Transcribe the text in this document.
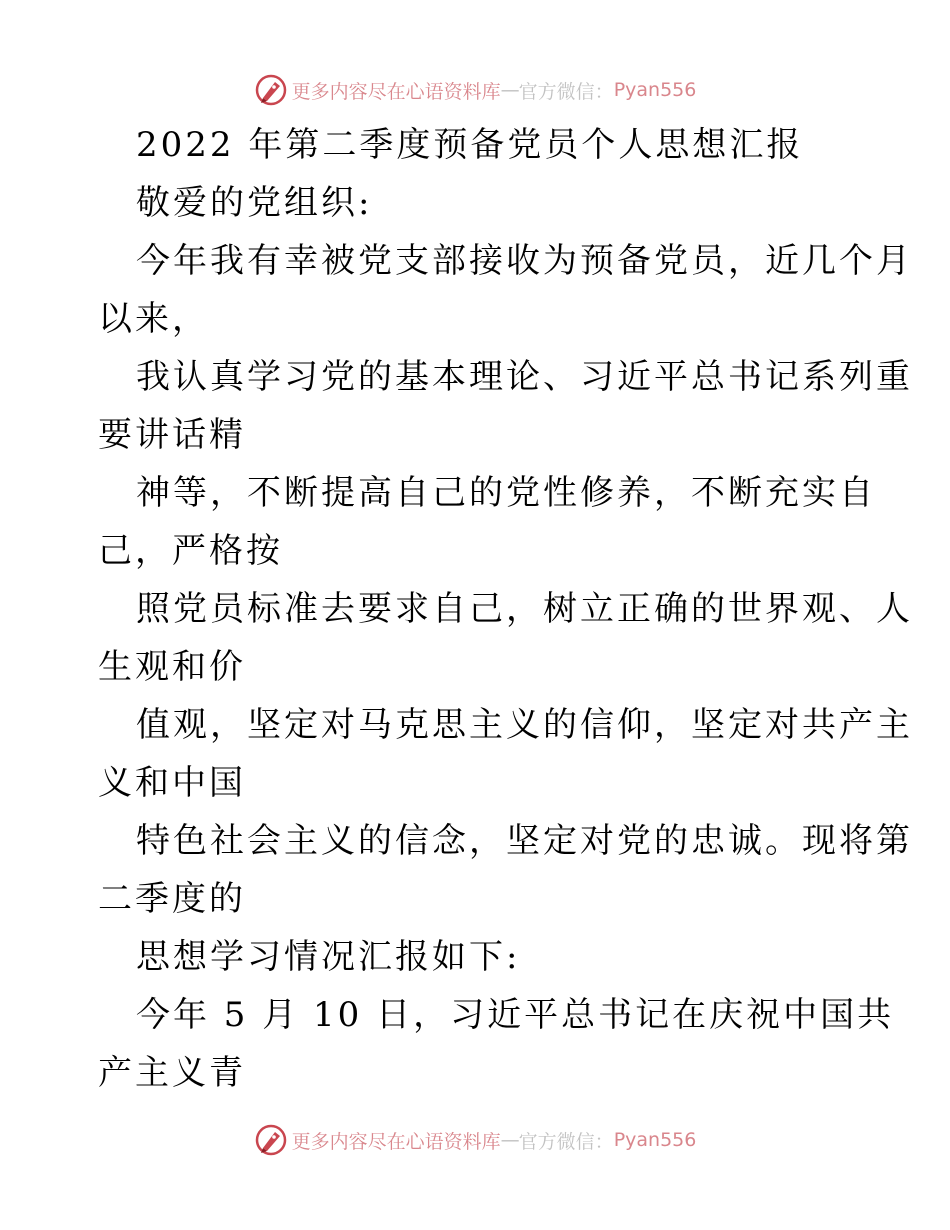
更多内容尽在心语资料库 — 官方微信： Pyan556
2022 年第二季度预备党员个人思想汇报
敬爱的党组织:
今年我有幸被党支部接收为预备党员，近几个月
以来，
我认真学习党的基本理论、习近平总书记系列重
要讲话精
神等，不断提高自己的党性修养，不断充实自
己，严格按
照党员标准去要求自己，树立正确的世界观、人
生观和价
值观，坚定对马克思主义的信仰，坚定对共产主
义和中国
特色社会主义的信念，坚定对党的忠诚。现将第
二季度的
思想学习情况汇报如下:
今年 5 月 10 日，习近平总书记在庆祝中国共
产主义青
更多内容尽在心语资料库 — 官方微信： Pyan556
